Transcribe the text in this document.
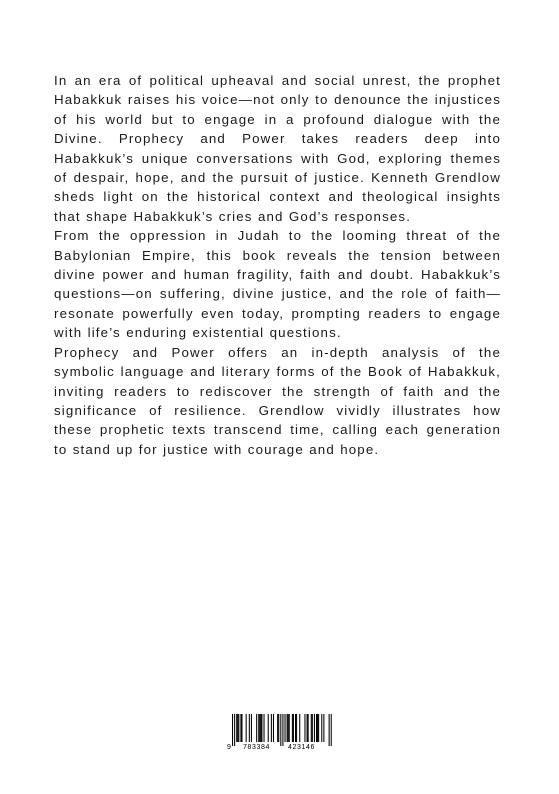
In an era of political upheaval and social unrest, the prophet Habakkuk raises his voice—not only to denounce the injustices of his world but to engage in a profound dialogue with the Divine. Prophecy and Power takes readers deep into Habakkuk’s unique conversations with God, exploring themes of despair, hope, and the pursuit of justice. Kenneth Grendlow sheds light on the historical context and theological insights that shape Habakkuk’s cries and God’s responses.

From the oppression in Judah to the looming threat of the Babylonian Empire, this book reveals the tension between divine power and human fragility, faith and doubt. Habakkuk’s questions—on suffering, divine justice, and the role of faith—resonate powerfully even today, prompting readers to engage with life’s enduring existential questions.

Prophecy and Power offers an in-depth analysis of the symbolic language and literary forms of the Book of Habakkuk, inviting readers to rediscover the strength of faith and the significance of resilience. Grendlow vividly illustrates how these prophetic texts transcend time, calling each generation to stand up for justice with courage and hope.

9 783384	423146
